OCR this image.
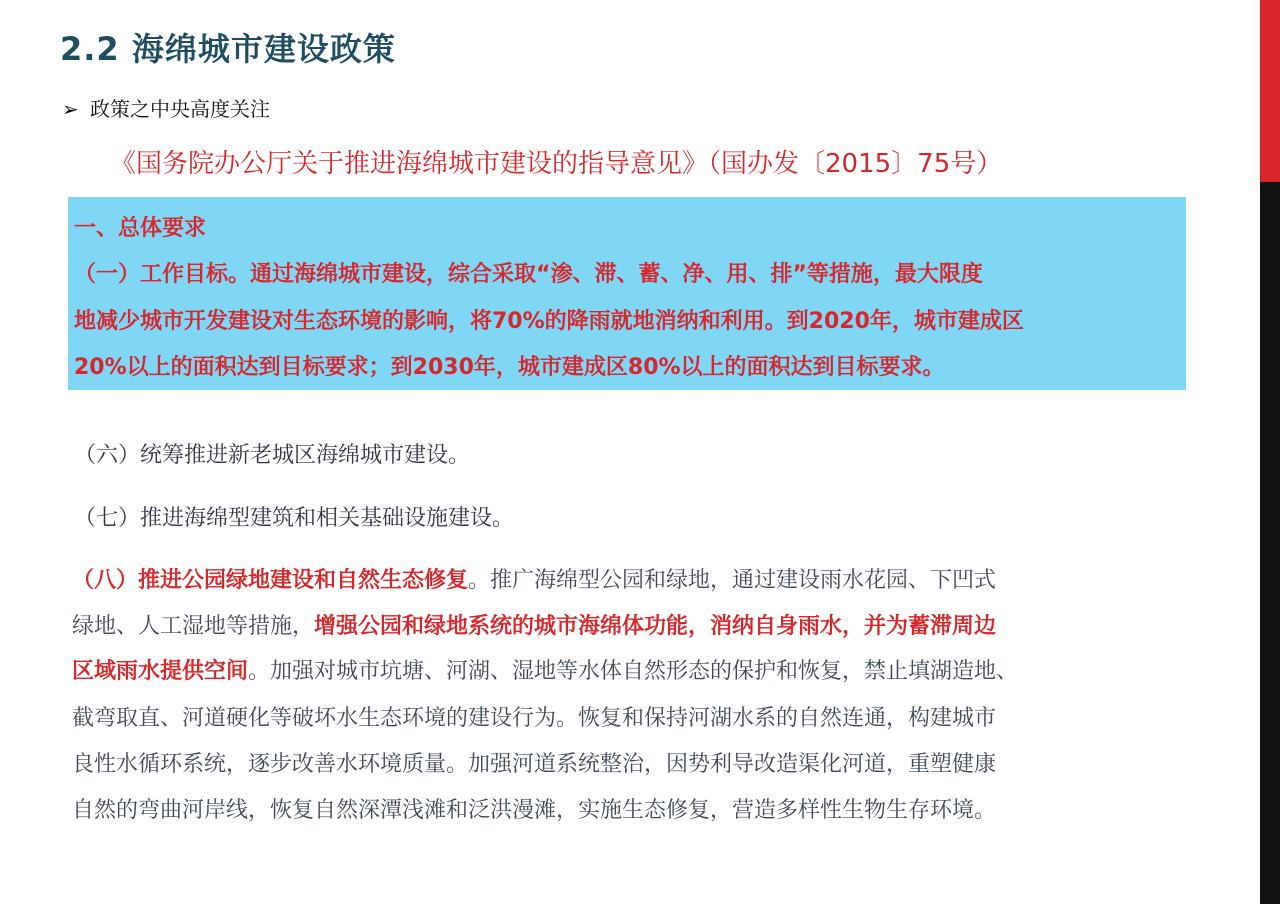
2.2 海绵城市建设政策
➢ 政策之中央高度关注
《国务院办公厅关于推进海绵城市建设的指导意见》（国办发〔2015〕75号）
一、总体要求
（一）工作目标。通过海绵城市建设，综合采取“渗、滞、蓄、净、用、排”等措施，最大限度
地减少城市开发建设对生态环境的影响，将70%的降雨就地消纳和利用。到2020年，城市建成区
20%以上的面积达到目标要求；到2030年，城市建成区80%以上的面积达到目标要求。
（六）统筹推进新老城区海绵城市建设。
（七）推进海绵型建筑和相关基础设施建设。
（八）推进公园绿地建设和自然生态修复。推广海绵型公园和绿地，通过建设雨水花园、下凹式
绿地、人工湿地等措施，增强公园和绿地系统的城市海绵体功能，消纳自身雨水，并为蓄滞周边
区域雨水提供空间。加强对城市坑塘、河湖、湿地等水体自然形态的保护和恢复，禁止填湖造地、
截弯取直、河道硬化等破坏水生态环境的建设行为。恢复和保持河湖水系的自然连通，构建城市
良性水循环系统，逐步改善水环境质量。加强河道系统整治，因势利导改造渠化河道，重塑健康
自然的弯曲河岸线，恢复自然深潭浅滩和泛洪漫滩，实施生态修复，营造多样性生物生存环境。
